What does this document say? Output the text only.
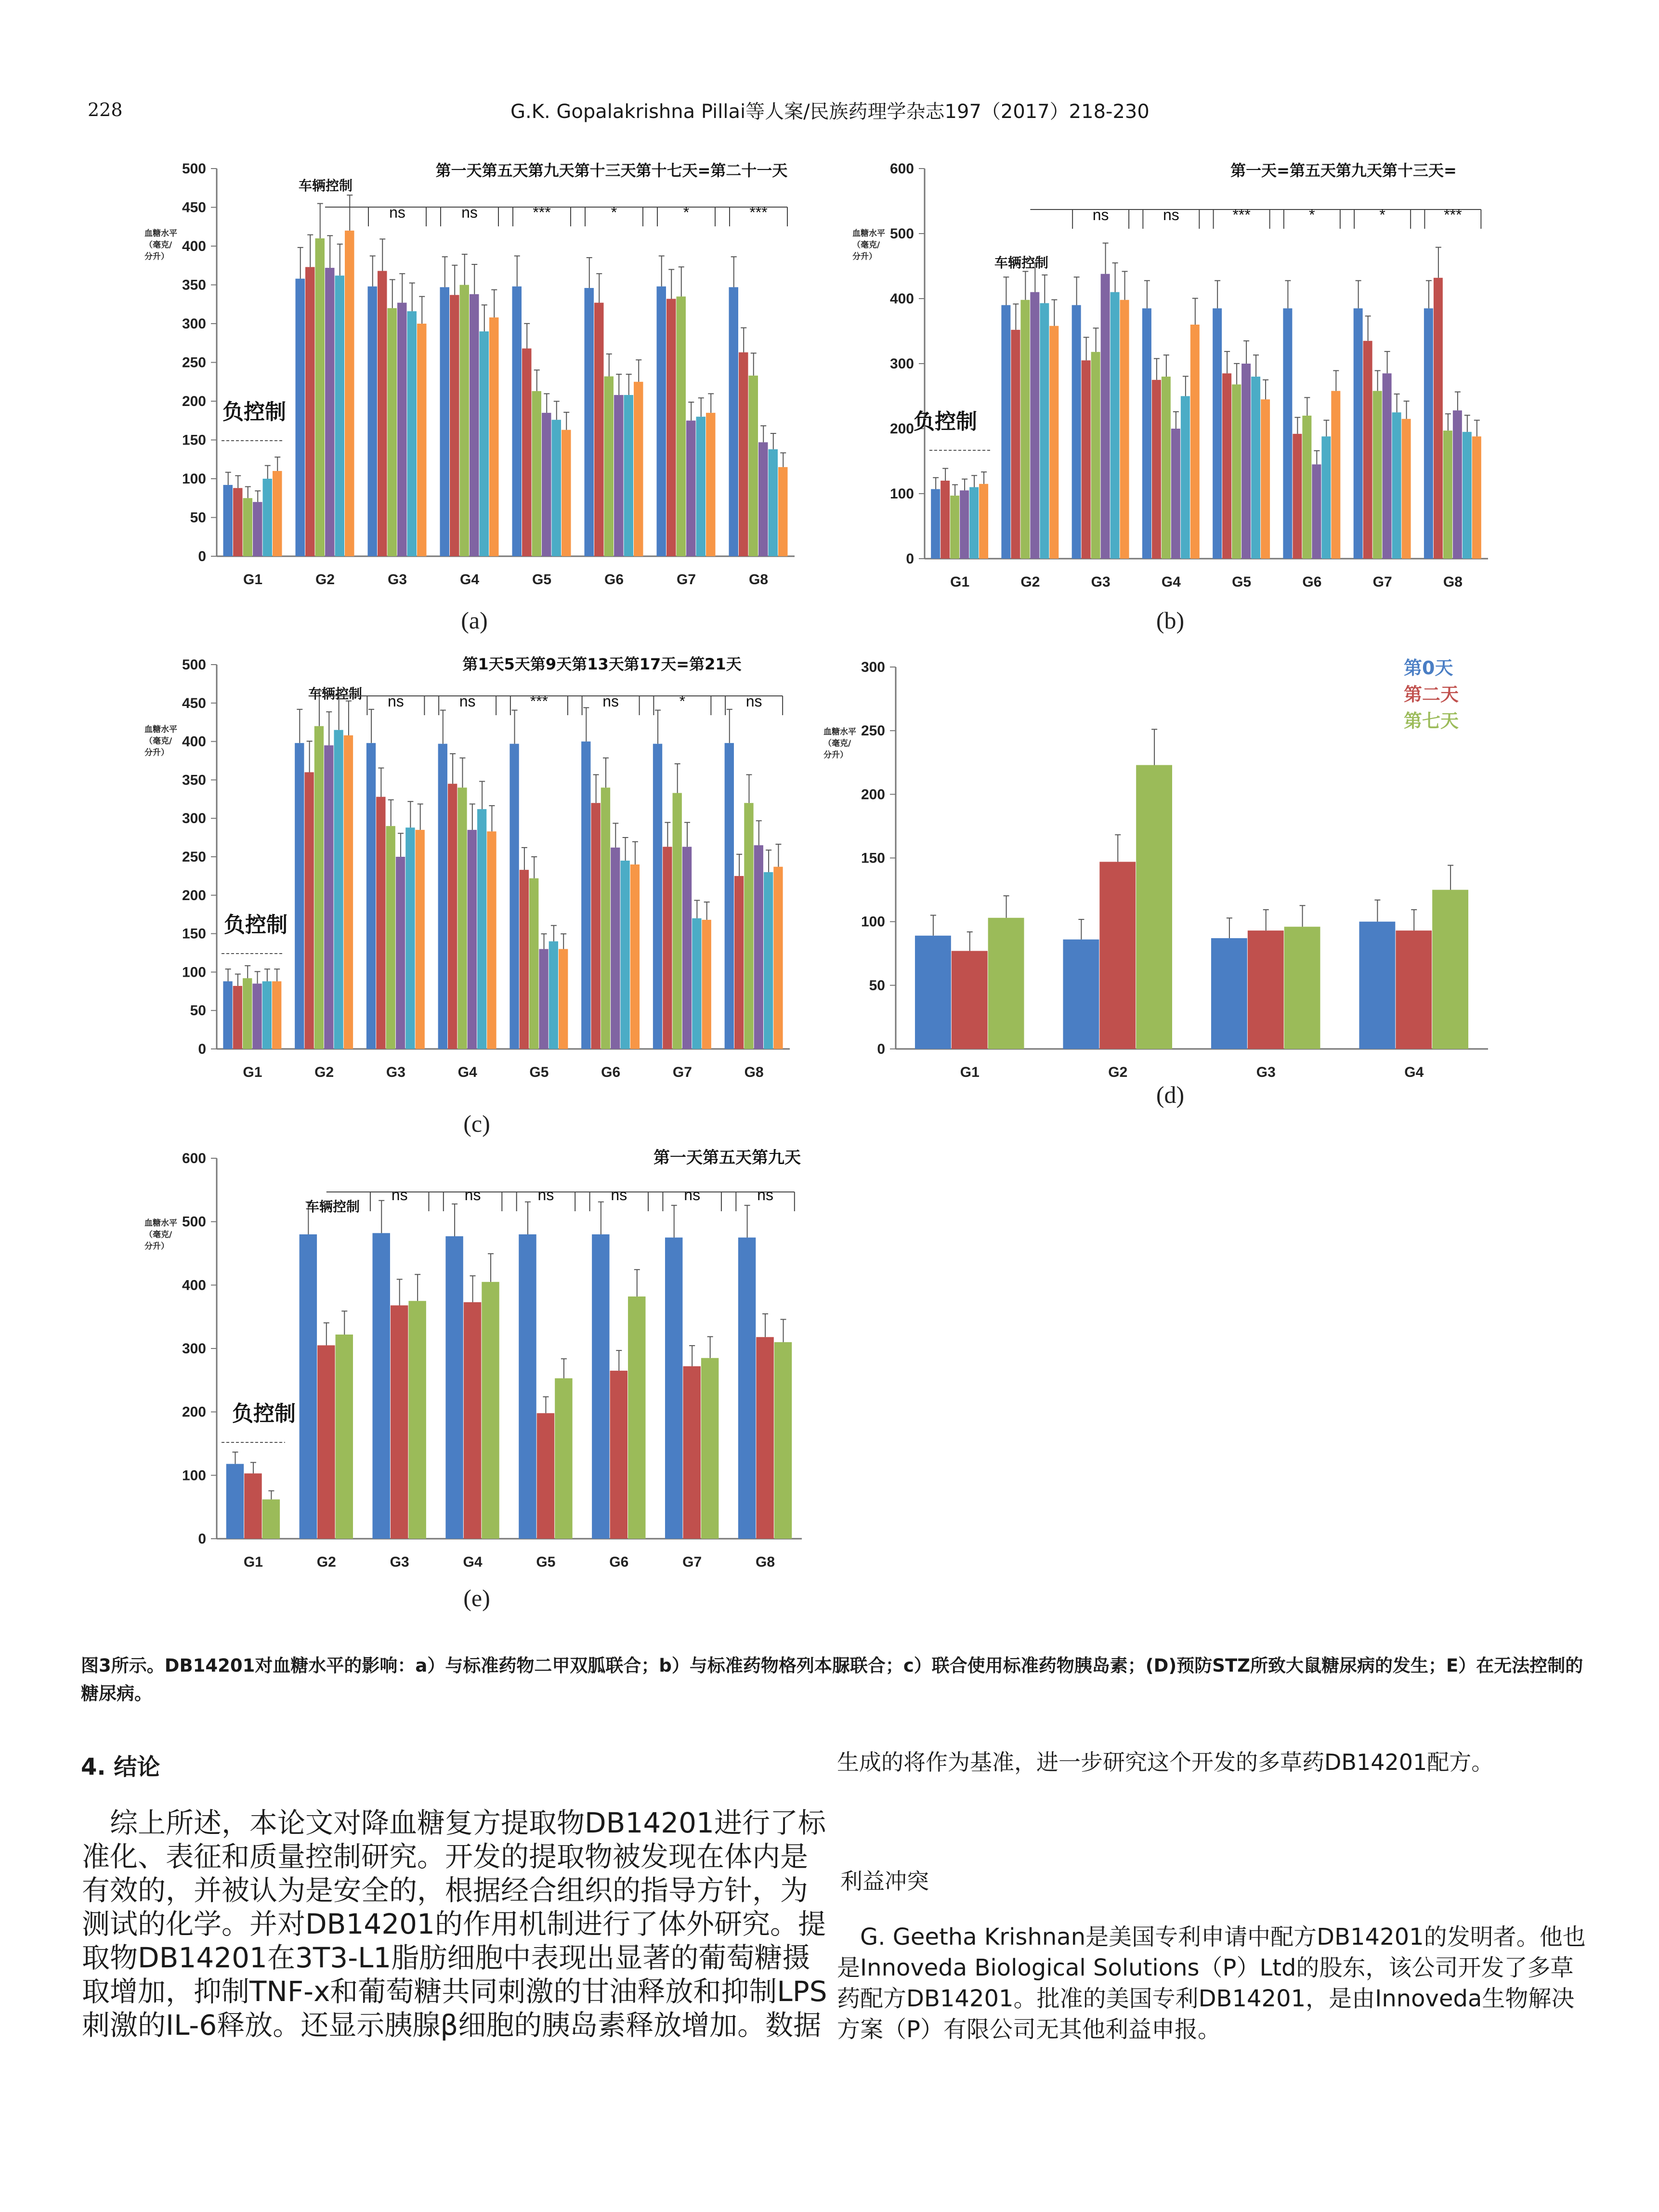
228	G.K. Gopalakrishna Pillai等人案/民族药理学杂志197（2017）218-230
0
50
100
150
200
250
300
350
400
450
500
血糖水平（毫克/分升）
G1	G2	G3	G4	G5	G6	G7	G8
(a)
第一天第五天第九天第十三天第十七天=第二十一天
车辆控制
负控制
ns	ns	***	*	*	***
0
100
200
300
400
500
600
血糖水平（毫克/分升）
G1	G2	G3	G4	G5	G6	G7	G8
(b)
第一天=第五天第九天第十三天=
车辆控制
负控制
ns	ns	***	*	*	***
0
50
100
150
200
250
300
350
400
450
500
血糖水平（毫克/分升）
G1	G2	G3	G4	G5	G6	G7	G8
(c)
第1天5天第9天第13天第17天=第21天
车辆控制
负控制
ns	ns	***	ns	*	ns
0
50
100
150
200
250
300
血糖水平（毫克/分升）
G1	G2	G3	G4
(d)
第0天
第二天
第七天
0
100
200
300
400
500
600
血糖水平（毫克/分升）
G1	G2	G3	G4	G5	G6	G7	G8
(e)
第一天第五天第九天
车辆控制
负控制
ns	ns	ns	ns	ns	ns
图3所示。DB14201对血糖水平的影响：a）与标准药物二甲双胍联合；b）与标准药物格列本脲联合；c）联合使用标准药物胰岛素；(D)预防STZ所致大鼠糖尿病的发生；E）在无法控制的糖尿病。
4. 结论
综上所述，本论文对降血糖复方提取物DB14201进行了标准化、表征和质量控制研究。开发的提取物被发现在体内是有效的，并被认为是安全的，根据经合组织的指导方针，为测试的化学。并对DB14201的作用机制进行了体外研究。提取物DB14201在3T3-L1脂肪细胞中表现出显著的葡萄糖摄取增加，抑制TNF-x和葡萄糖共同刺激的甘油释放和抑制LPS刺激的IL-6释放。还显示胰腺β细胞的胰岛素释放增加。数据
生成的将作为基准，进一步研究这个开发的多草药DB14201配方。
利益冲突
G. Geetha Krishnan是美国专利申请中配方DB14201的发明者。他也是Innoveda Biological Solutions（P）Ltd的股东，该公司开发了多草药配方DB14201。批准的美国专利DB14201，是由Innoveda生物解决方案（P）有限公司无其他利益申报。
